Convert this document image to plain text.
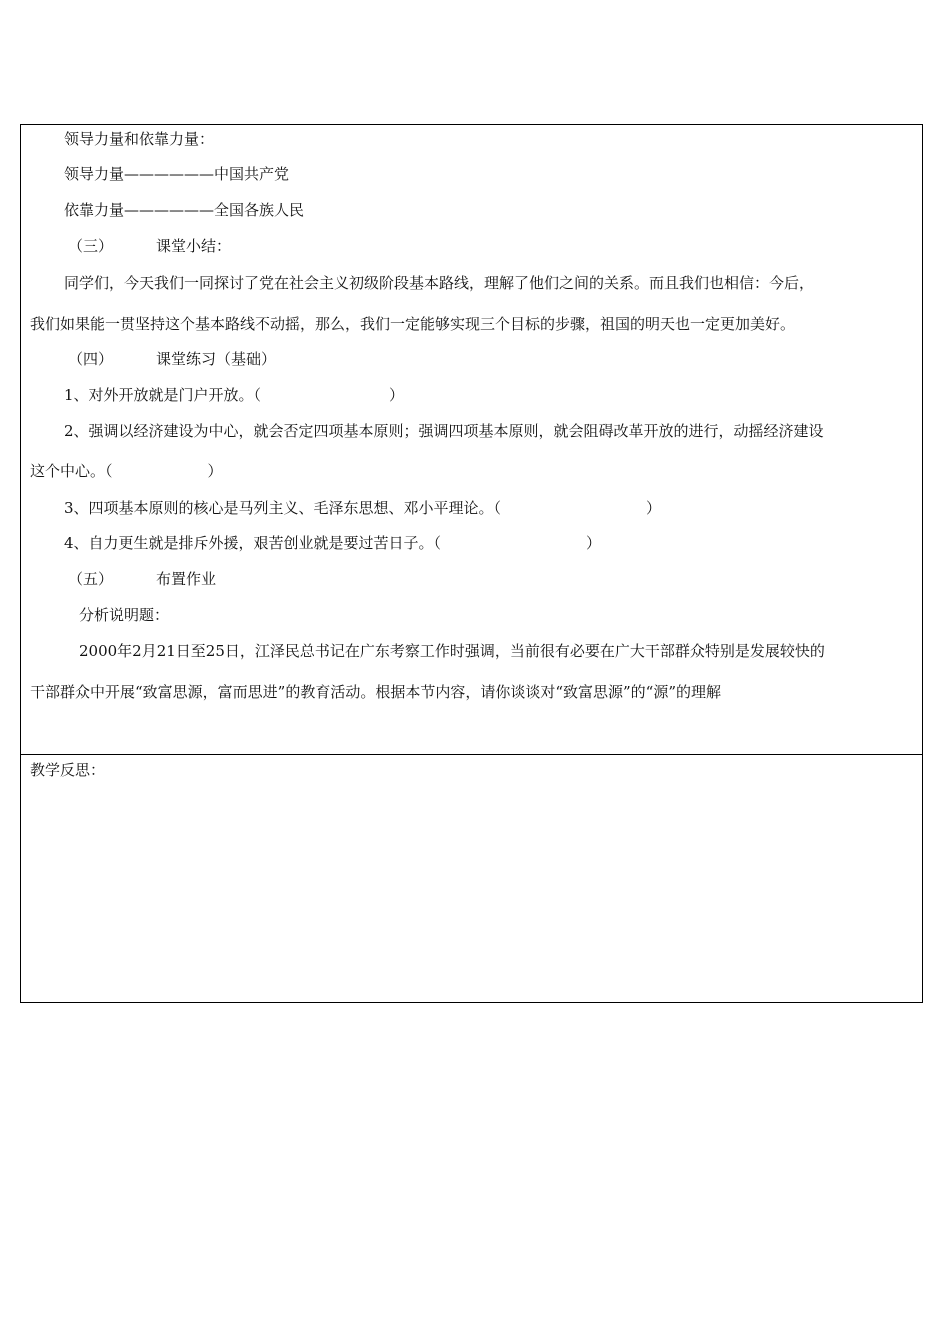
领导力量和依靠力量：
领导力量——————中国共产党
依靠力量——————全国各族人民
（三）	课堂小结：
同学们，今天我们一同探讨了党在社会主义初级阶段基本路线，理解了他们之间的关系。而且我们也相信：今后，
我们如果能一贯坚持这个基本路线不动摇，那么，我们一定能够实现三个目标的步骤，祖国的明天也一定更加美好。
（四）	课堂练习（基础）
1、对外开放就是门户开放。（	）
2、强调以经济建设为中心，就会否定四项基本原则；强调四项基本原则，就会阻碍改革开放的进行，动摇经济建设
这个中心。（	）
3、四项基本原则的核心是马列主义、毛泽东思想、邓小平理论。（	）
4、自力更生就是排斥外援，艰苦创业就是要过苦日子。（	）
（五）	布置作业
分析说明题：
2000年2月21日至25日，江泽民总书记在广东考察工作时强调，当前很有必要在广大干部群众特别是发展较快的
干部群众中开展“致富思源，富而思进”的教育活动。根据本节内容，请你谈谈对“致富思源”的“源”的理解
教学反思：
